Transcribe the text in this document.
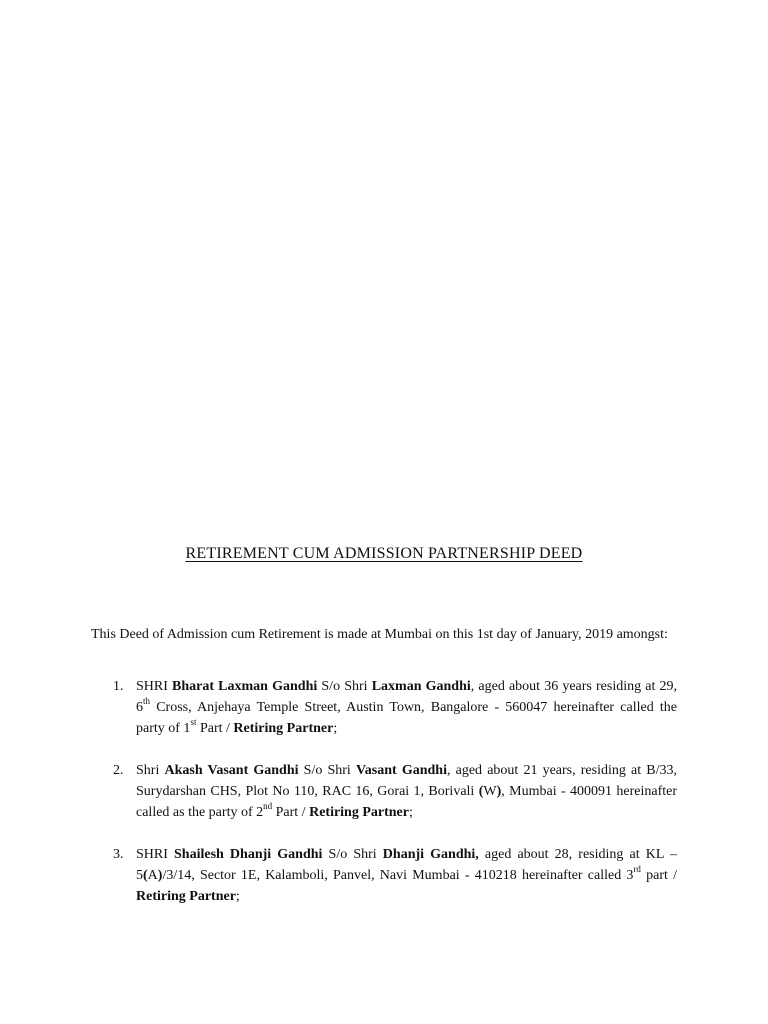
RETIREMENT CUM ADMISSION PARTNERSHIP DEED

This Deed of Admission cum Retirement is made at Mumbai on this 1st day of January, 2019 amongst:

1. SHRI Bharat Laxman Gandhi S/o Shri Laxman Gandhi, aged about 36 years residing at 29, 6th Cross, Anjehaya Temple Street, Austin Town, Bangalore - 560047 hereinafter called the party of 1st Part / Retiring Partner;
2. Shri Akash Vasant Gandhi S/o Shri Vasant Gandhi, aged about 21 years, residing at B/33, Surydarshan CHS, Plot No 110, RAC 16, Gorai 1, Borivali (W), Mumbai - 400091 hereinafter called as the party of 2nd Part / Retiring Partner;
3. SHRI Shailesh Dhanji Gandhi S/o Shri Dhanji Gandhi, aged about 28, residing at KL – 5(A)/3/14, Sector 1E, Kalamboli, Panvel, Navi Mumbai - 410218 hereinafter called 3rd part / Retiring Partner;
